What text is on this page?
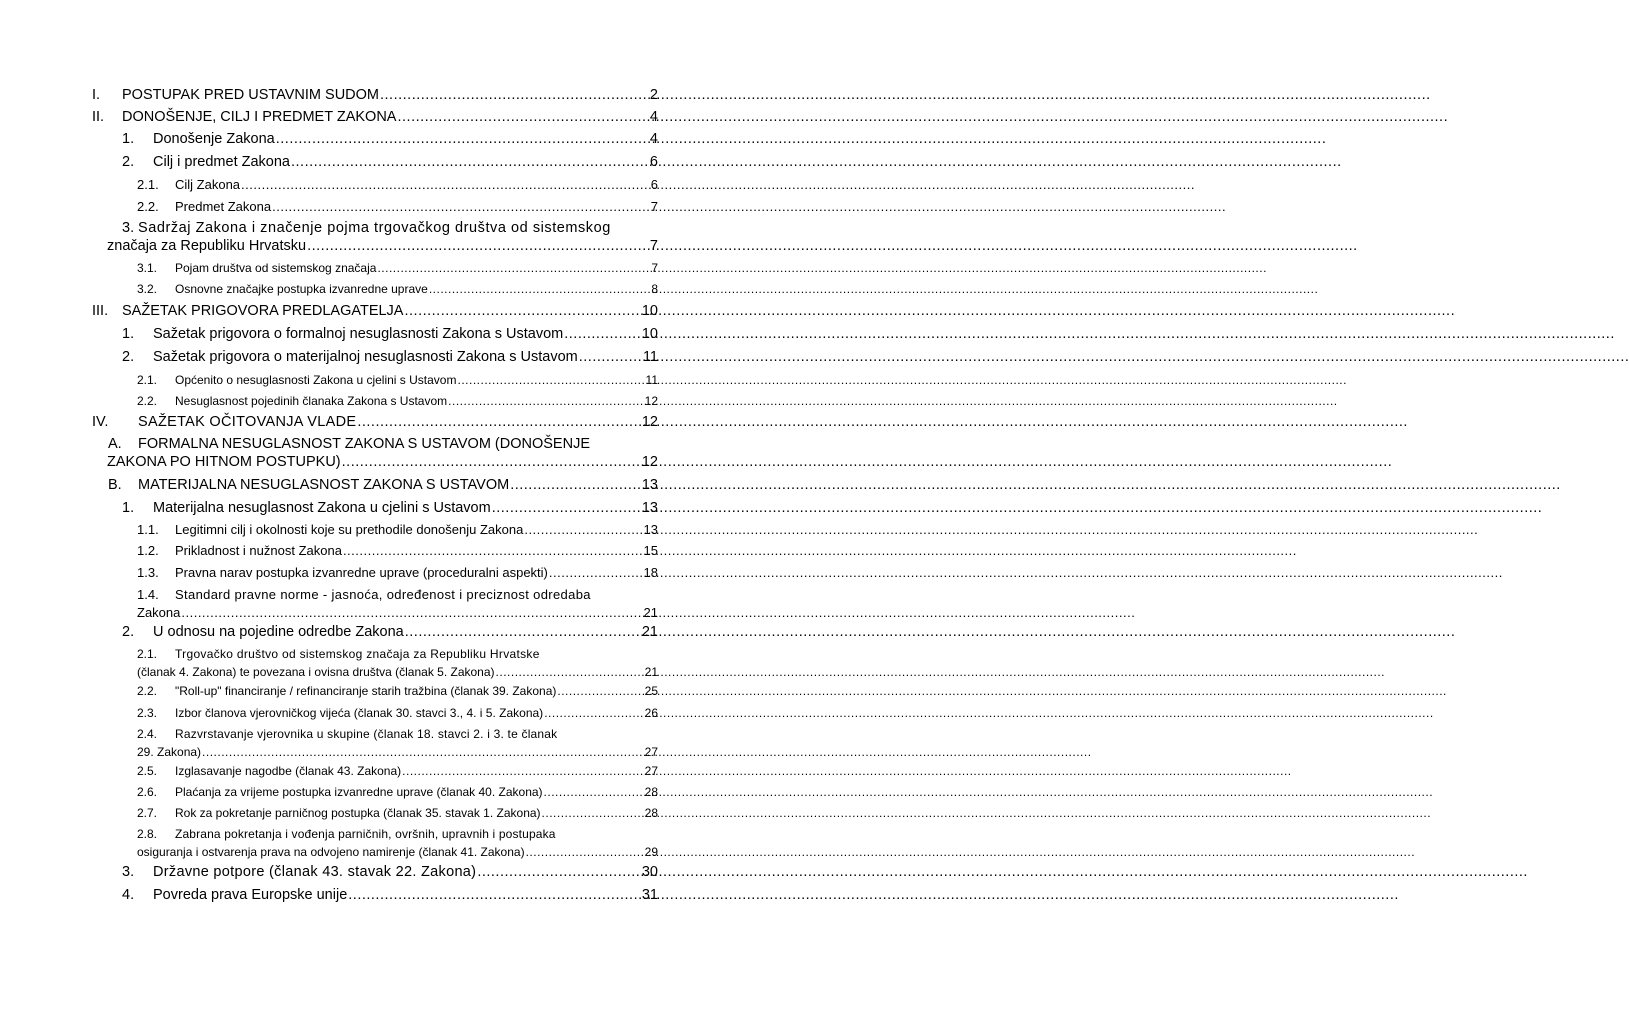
I.	POSTUPAK PRED USTAVNIM SUDOM .....	2
II.	DONOŠENJE, CILJ I PREDMET ZAKONA .....	4
1.	Donošenje Zakona .....	4
2.	Cilj i predmet Zakona .....	6
2.1.	Cilj Zakona .....	6
2.2.	Predmet Zakona .....	7
3. Sadržaj Zakona i značenje pojma trgovačkog društva od sistemskog
značaja za Republiku Hrvatsku .....	7
3.1.	Pojam društva od sistemskog značaja .....	7
3.2.	Osnovne značajke postupka izvanredne uprave .....	8
III. SAŽETAK PRIGOVORA PREDLAGATELJA .....	10
1.	Sažetak prigovora o formalnoj nesuglasnosti Zakona s Ustavom .....	10
2.	Sažetak prigovora o materijalnoj nesuglasnosti Zakona s Ustavom .....	11
2.1.	Općenito o nesuglasnosti Zakona u cjelini s Ustavom .....	11
2.2.	Nesuglasnost pojedinih članaka Zakona s Ustavom .....	12
IV.	SAŽETAK OČITOVANJA VLADE .....	12
A.	FORMALNA NESUGLASNOST ZAKONA S USTAVOM (DONOŠENJE
ZAKONA PO HITNOM POSTUPKU) .....	12
B.	MATERIJALNA NESUGLASNOST ZAKONA S USTAVOM .....	13
1.	Materijalna nesuglasnost Zakona u cjelini s Ustavom .....	13
1.1.	Legitimni cilj i okolnosti koje su prethodile donošenju Zakona .....	13
1.2.	Prikladnost i nužnost Zakona .....	15
1.3.	Pravna narav postupka izvanredne uprave (proceduralni aspekti) .....	18
1.4.	Standard pravne norme - jasnoća, određenost i preciznost odredaba
Zakona .....	21
2.	U odnosu na pojedine odredbe Zakona .....	21
2.1.	Trgovačko društvo od sistemskog značaja za Republiku Hrvatske
(članak 4. Zakona) te povezana i ovisna društva (članak 5. Zakona) .....	21
2.2.	"Roll-up" financiranje / refinanciranje starih tražbina (članak 39. Zakona) .....	25
2.3.	Izbor članova vjerovničkog vijeća (članak 30. stavci 3., 4. i 5. Zakona) .....	26
2.4.	Razvrstavanje vjerovnika u skupine (članak 18. stavci 2. i 3. te članak
29. Zakona) .....	27
2.5.	Izglasavanje nagodbe (članak 43. Zakona) .....	27
2.6.	Plaćanja za vrijeme postupka izvanredne uprave (članak 40. Zakona) .....	28
2.7.	Rok za pokretanje parničnog postupka (članak 35. stavak 1. Zakona) .....	28
2.8.	Zabrana pokretanja i vođenja parničnih, ovršnih, upravnih i postupaka
osiguranja i ostvarenja prava na odvojeno namirenje (članak 41. Zakona) .....	29
3.	Državne potpore (članak 43. stavak 22. Zakona) .....	30
4.	Povreda prava Europske unije .....	31
